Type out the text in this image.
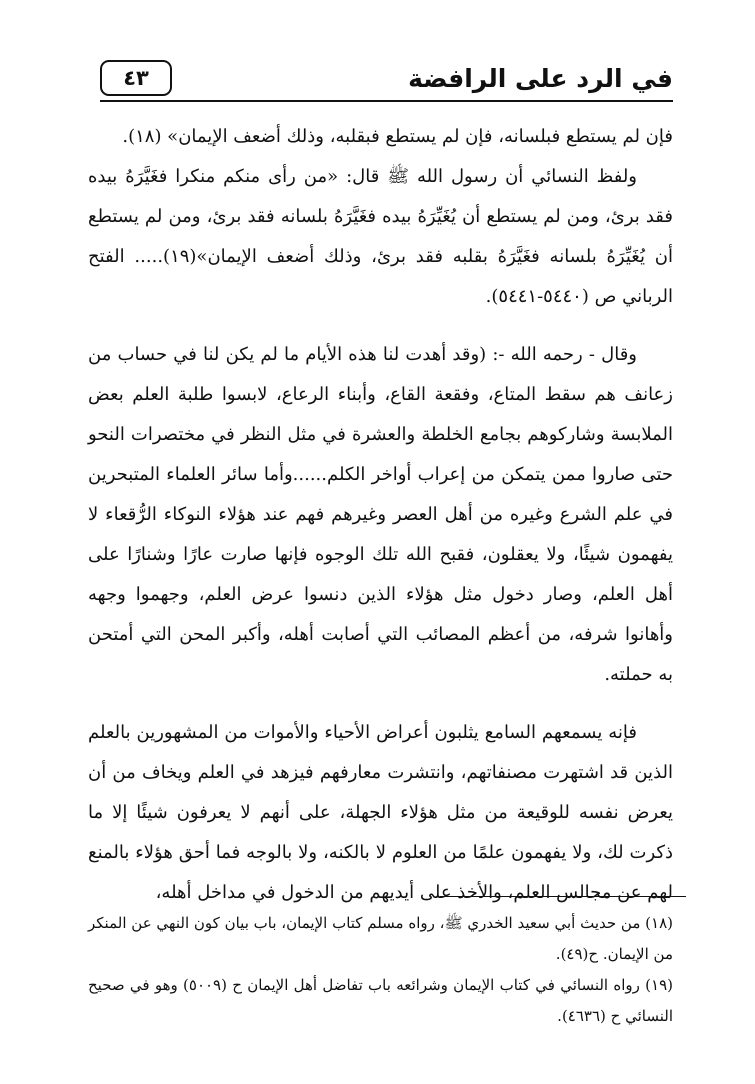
في الرد على الرافضة
٤٣

فإن لم يستطع فبلسانه، فإن لم يستطع فبقلبه، وذلك أضعف الإيمان» (١٨).

ولفظ النسائي أن رسول الله ﷺ قال: «من رأى منكم منكرا فغَيَّرَهُ بيده فقد برئ، ومن لم يستطع أن يُغَيِّرَهُ بيده فغَيَّرَهُ بلسانه فقد برئ، ومن لم يستطع أن يُغَيِّرَهُ بلسانه فغَيَّرَهُ بقلبه فقد برئ، وذلك أضعف الإيمان»(١٩)..... الفتح الرباني ص (٥٤٤٠-٥٤٤١).

وقال - رحمه الله -: (وقد أهدت لنا هذه الأيام ما لم يكن لنا في حساب من زعانف هم سقط المتاع، وفقعة القاع، وأبناء الرعاع، لابسوا طلبة العلم بعض الملابسة وشاركوهم بجامع الخلطة والعشرة في مثل النظر في مختصرات النحو حتى صاروا ممن يتمكن من إعراب أواخر الكلم......وأما سائر العلماء المتبحرين في علم الشرع وغيره من أهل العصر وغيرهم فهم عند هؤلاء النوكاء الرُّقعاء لا يفهمون شيئًا، ولا يعقلون، فقبح الله تلك الوجوه فإنها صارت عارًا وشنارًا على أهل العلم، وصار دخول مثل هؤلاء الذين دنسوا عرض العلم، وجهموا وجهه وأهانوا شرفه، من أعظم المصائب التي أصابت أهله، وأكبر المحن التي أمتحن به حملته.

فإنه يسمعهم السامع يثلبون أعراض الأحياء والأموات من المشهورين بالعلم الذين قد اشتهرت مصنفاتهم، وانتشرت معارفهم فيزهد في العلم ويخاف من أن يعرض نفسه للوقيعة من مثل هؤلاء الجهلة، على أنهم لا يعرفون شيئًا إلا ما ذكرت لك، ولا يفهمون علمًا من العلوم لا بالكنه، ولا بالوجه فما أحق هؤلاء بالمنع لهم عن مجالس العلم، والأخذ على أيديهم من الدخول في مداخل أهله،

(١٨) من حديث أبي سعيد الخدري ﷺ، رواه مسلم كتاب الإيمان، باب بيان كون النهي عن المنكر من الإيمان. ح(٤٩).

(١٩) رواه النسائي في كتاب الإيمان وشرائعه باب تفاضل أهل الإيمان ح (٥٠٠٩) وهو في صحيح النسائي ح (٤٦٣٦).
